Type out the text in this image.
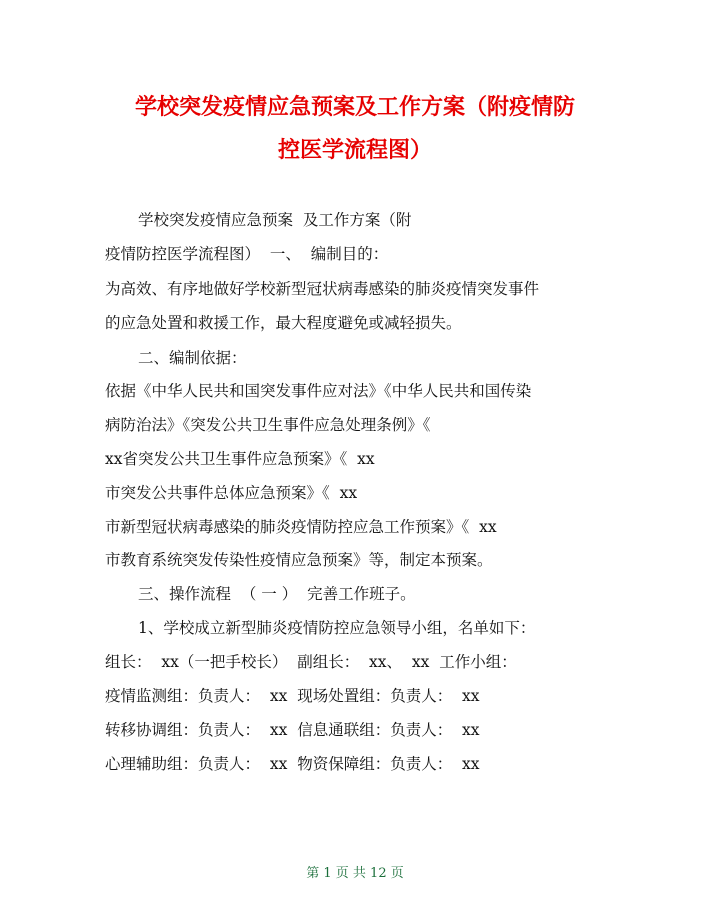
学校突发疫情应急预案及工作方案（附疫情防
控医学流程图）
学校突发疫情应急预案  及工作方案（附
疫情防控医学流程图）  一、  编制目的：
为高效、有序地做好学校新型冠状病毒感染的肺炎疫情突发事件
的应急处置和救援工作，最大程度避免或减轻损失。
二、编制依据：
依据《中华人民共和国突发事件应对法》《中华人民共和国传染
病防治法》《突发公共卫生事件应急处理条例》《
xx省突发公共卫生事件应急预案》《  xx
市突发公共事件总体应急预案》《  xx
市新型冠状病毒感染的肺炎疫情防控应急工作预案》《  xx
市教育系统突发传染性疫情应急预案》等，制定本预案。
三、操作流程  （ 一 ）  完善工作班子。
1、学校成立新型肺炎疫情防控应急领导小组，名单如下：
组长：  xx（一把手校长）  副组长：  xx、  xx  工作小组：
疫情监测组：负责人：  xx  现场处置组：负责人：  xx
转移协调组：负责人：  xx  信息通联组：负责人：  xx
心理辅助组：负责人：  xx  物资保障组：负责人：  xx
第 1 页 共 12 页
